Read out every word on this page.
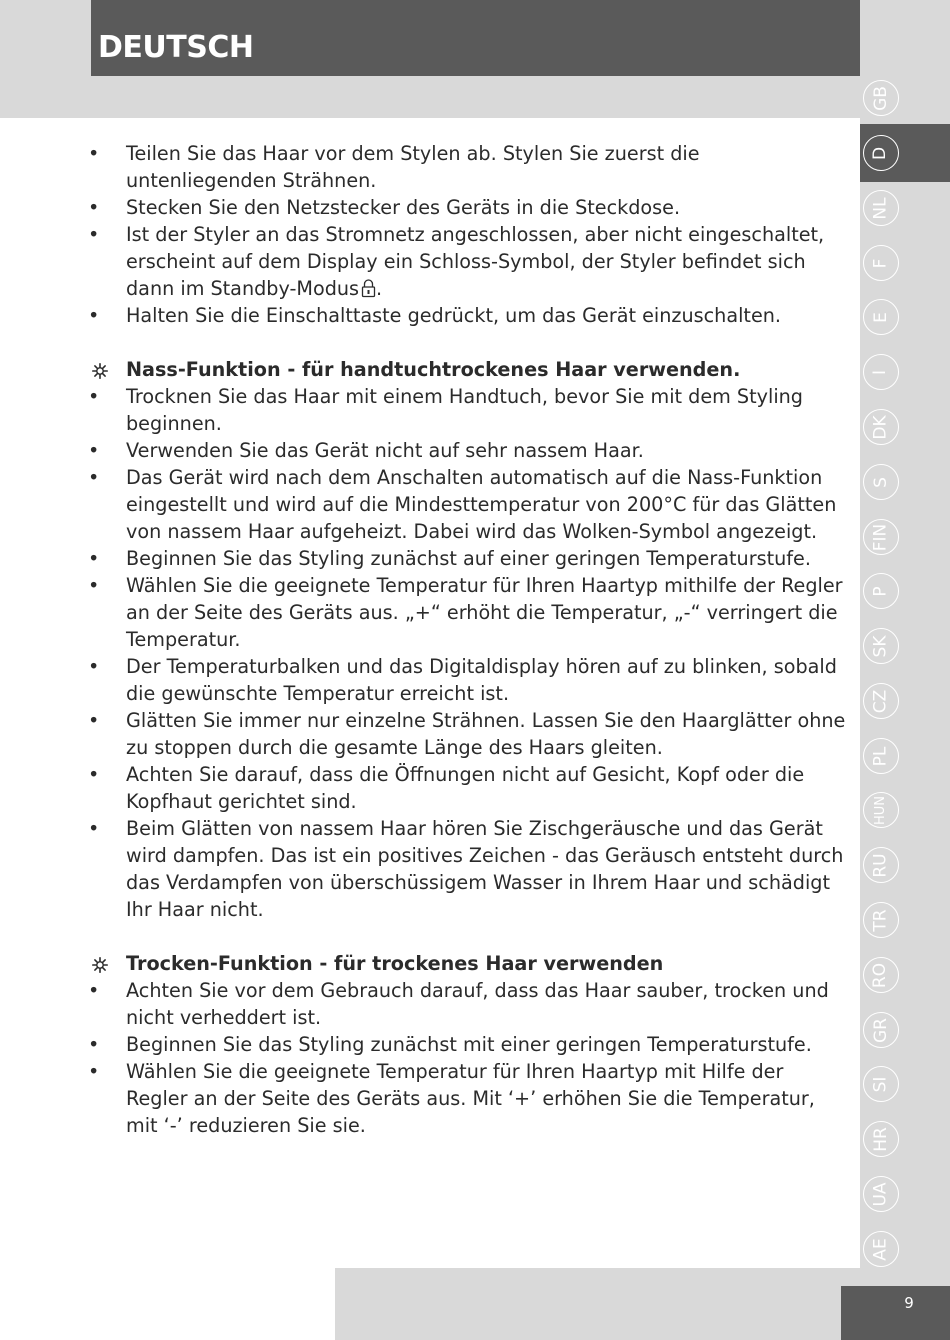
DEUTSCH
GB
D
NL
F
E
I
DK
S
FIN
P
SK
CZ
PL
HUN
RU
TR
RO
GR
SI
HR
UA
AE
• Teilen Sie das Haar vor dem Stylen ab. Stylen Sie zuerst die untenliegenden Strähnen.
• Stecken Sie den Netzstecker des Geräts in die Steckdose.
• Ist der Styler an das Stromnetz angeschlossen, aber nicht eingeschaltet, erscheint auf dem Display ein Schloss-Symbol, der Styler befindet sich dann im Standby-Modus .
• Halten Sie die Einschalttaste gedrückt, um das Gerät einzuschalten.
Nass-Funktion - für handtuchtrockenes Haar verwenden.
• Trocknen Sie das Haar mit einem Handtuch, bevor Sie mit dem Styling beginnen.
• Verwenden Sie das Gerät nicht auf sehr nassem Haar.
• Das Gerät wird nach dem Anschalten automatisch auf die Nass-Funktion eingestellt und wird auf die Mindesttemperatur von 200°C für das Glätten von nassem Haar aufgeheizt. Dabei wird das Wolken-Symbol angezeigt.
• Beginnen Sie das Styling zunächst auf einer geringen Temperaturstufe.
• Wählen Sie die geeignete Temperatur für Ihren Haartyp mithilfe der Regler an der Seite des Geräts aus. „+“ erhöht die Temperatur, „-“ verringert die Temperatur.
• Der Temperaturbalken und das Digitaldisplay hören auf zu blinken, sobald die gewünschte Temperatur erreicht ist.
• Glätten Sie immer nur einzelne Strähnen. Lassen Sie den Haarglätter ohne zu stoppen durch die gesamte Länge des Haars gleiten.
• Achten Sie darauf, dass die Öffnungen nicht auf Gesicht, Kopf oder die Kopfhaut gerichtet sind.
• Beim Glätten von nassem Haar hören Sie Zischgeräusche und das Gerät wird dampfen. Das ist ein positives Zeichen - das Geräusch entsteht durch das Verdampfen von überschüssigem Wasser in Ihrem Haar und schädigt Ihr Haar nicht.
Trocken-Funktion - für trockenes Haar verwenden
• Achten Sie vor dem Gebrauch darauf, dass das Haar sauber, trocken und nicht verheddert ist.
• Beginnen Sie das Styling zunächst mit einer geringen Temperaturstufe.
• Wählen Sie die geeignete Temperatur für Ihren Haartyp mit Hilfe der Regler an der Seite des Geräts aus. Mit ‘+’ erhöhen Sie die Temperatur, mit ‘-’ reduzieren Sie sie.
9
